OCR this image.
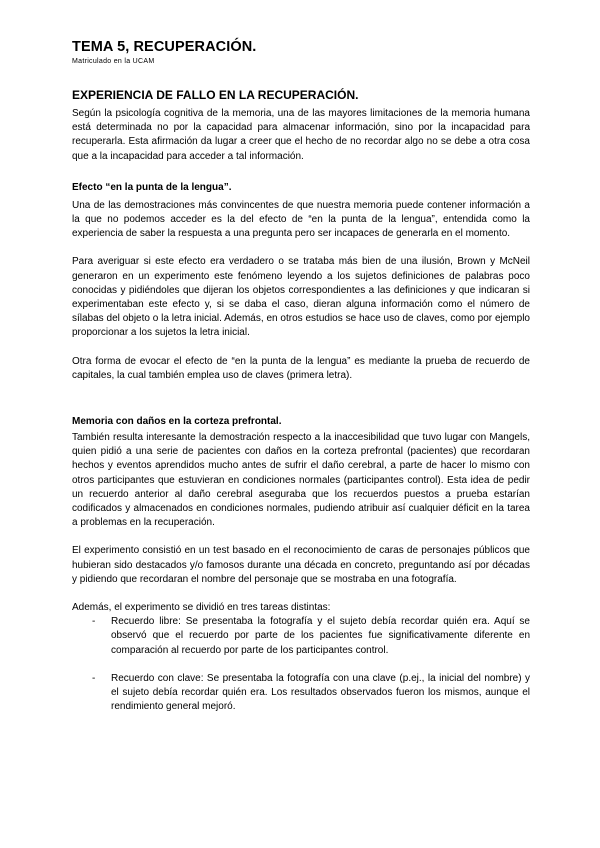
TEMA 5, RECUPERACIÓN.
Matriculado en la UCAM
EXPERIENCIA DE FALLO EN LA RECUPERACIÓN.

Según la psicología cognitiva de la memoria, una de las mayores limitaciones de la memoria humana está determinada no por la capacidad para almacenar información, sino por la incapacidad para recuperarla. Esta afirmación da lugar a creer que el hecho de no recordar algo no se debe a otra cosa que a la incapacidad para acceder a tal información.

Efecto “en la punta de la lengua”.

Una de las demostraciones más convincentes de que nuestra memoria puede contener información a la que no podemos acceder es la del efecto de “en la punta de la lengua”, entendida como la experiencia de saber la respuesta a una pregunta pero ser incapaces de generarla en el momento.

Para averiguar si este efecto era verdadero o se trataba más bien de una ilusión, Brown y McNeil generaron en un experimento este fenómeno leyendo a los sujetos definiciones de palabras poco conocidas y pidiéndoles que dijeran los objetos correspondientes a las definiciones y que indicaran si experimentaban este efecto y, si se daba el caso, dieran alguna información como el número de sílabas del objeto o la letra inicial. Además, en otros estudios se hace uso de claves, como por ejemplo proporcionar a los sujetos la letra inicial.

Otra forma de evocar el efecto de “en la punta de la lengua” es mediante la prueba de recuerdo de capitales, la cual también emplea uso de claves (primera letra).

Memoria con daños en la corteza prefrontal.

También resulta interesante la demostración respecto a la inaccesibilidad que tuvo lugar con Mangels, quien pidió a una serie de pacientes con daños en la corteza prefrontal (pacientes) que recordaran hechos y eventos aprendidos mucho antes de sufrir el daño cerebral, a parte de hacer lo mismo con otros participantes que estuvieran en condiciones normales (participantes control). Esta idea de pedir un recuerdo anterior al daño cerebral aseguraba que los recuerdos puestos a prueba estarían codificados y almacenados en condiciones normales, pudiendo atribuir así cualquier déficit en la tarea a problemas en la recuperación.

El experimento consistió en un test basado en el reconocimiento de caras de personajes públicos que hubieran sido destacados y/o famosos durante una década en concreto, preguntando así por décadas y pidiendo que recordaran el nombre del personaje que se mostraba en una fotografía.

Además, el experimento se dividió en tres tareas distintas:

-	Recuerdo libre: Se presentaba la fotografía y el sujeto debía recordar quién era. Aquí se observó que el recuerdo por parte de los pacientes fue significativamente diferente en comparación al recuerdo por parte de los participantes control.
-	Recuerdo con clave: Se presentaba la fotografía con una clave (p.ej., la inicial del nombre) y el sujeto debía recordar quién era. Los resultados observados fueron los mismos, aunque el rendimiento general mejoró.
